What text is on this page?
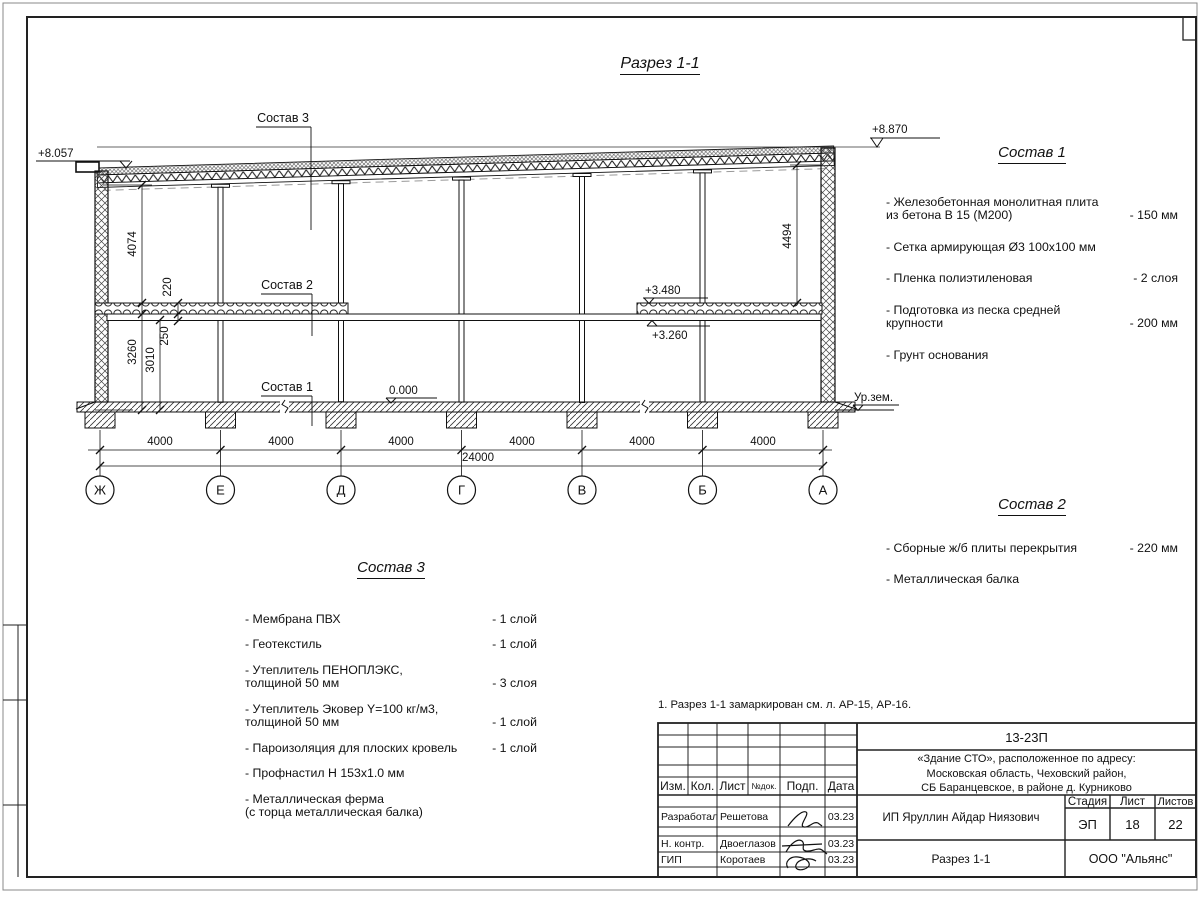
Состав 3
Состав 2
Состав 1
+8.057
+8.870
+3.480
+3.260
0.000
Ур.зем.
4074
3260 3010
220
250
4494
4000	4000	4000	4000	4000	4000
24000
Ж	Е	Д	Г	В	Б	А
Разрез 1-1
Состав 1
- Железобетонная монолитная плита
из бетона В 15 (М200)	- 150 мм
- Сетка армирующая Ø3 100х100 мм
- Пленка полиэтиленовая	- 2 слоя
- Подготовка из песка средней
крупности	- 200 мм
- Грунт основания
Состав 2
- Сборные ж/б плиты перекрытия	- 220 мм
- Металлическая балка
Состав 3
- Мембрана ПВХ	- 1 слой
- Геотекстиль	- 1 слой
- Утеплитель ПЕНОПЛЭКС,
толщиной 50 мм	- 3 слоя
- Утеплитель Эковер Y=100 кг/м3,
толщиной 50 мм	- 1 слой
- Пароизоляция для плоских кровель	- 1 слой
- Профнастил Н 153х1.0 мм
- Металлическая ферма
(с торца металлическая балка)
1. Разрез 1-1 замаркирован см. л. АР-15, АР-16.
13-23П
«Здание СТО», расположенное по адресу:
Московская область, Чеховский район,
СБ Баранцевское, в районе д. Курниково
Изм. Кол. Лист №док. Подп. Дата
Разработал Решетова	03.23
Н. контр.	Двоеглазов	03.23
ГИП	Коротаев	03.23
ИП Яруллин Айдар Ниязович
Стадия	Лист	Листов
ЭП	18	22
Разрез 1-1	ООО "Альянс"
